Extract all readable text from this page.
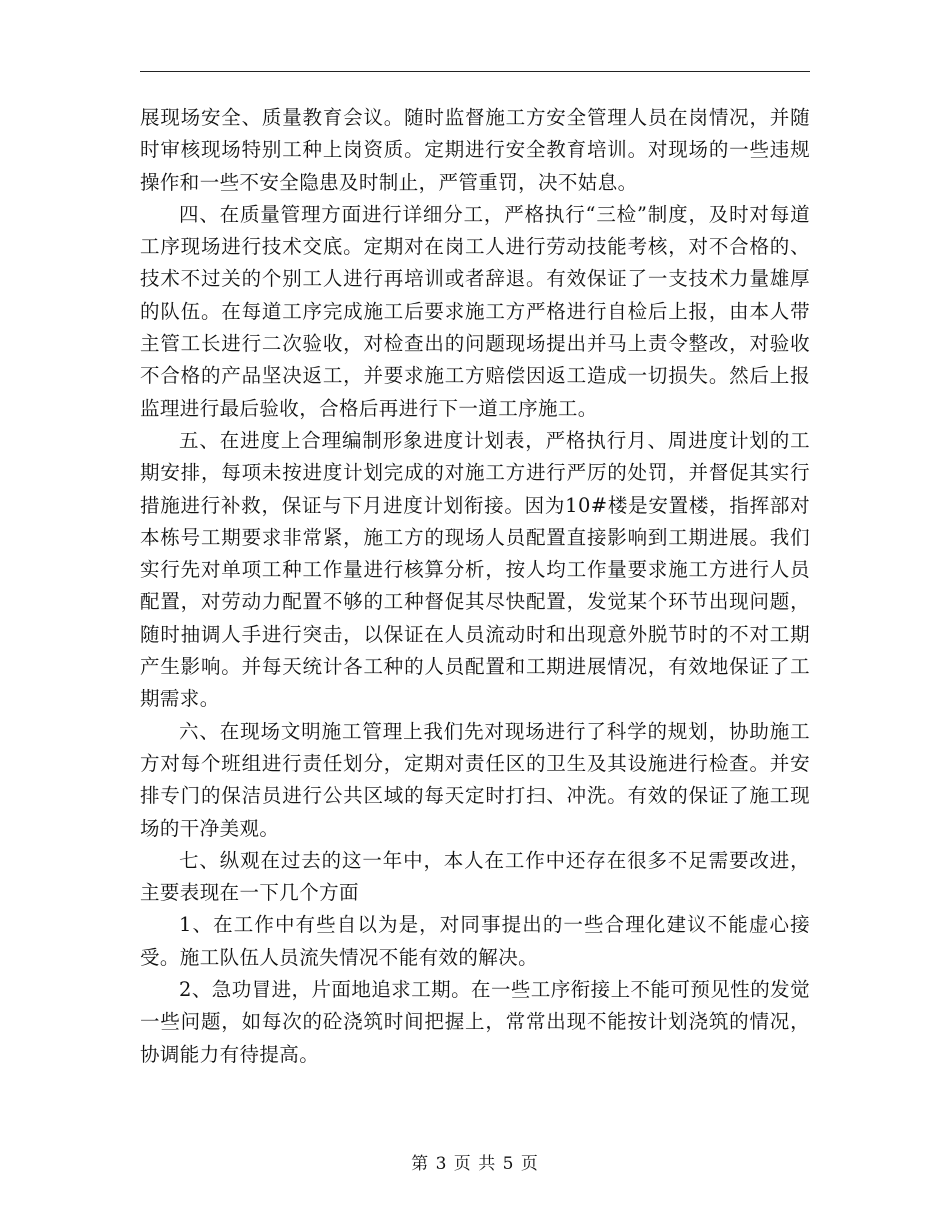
展现场安全、质量教育会议。随时监督施工方安全管理人员在岗情况，并随时审核现场特别工种上岗资质。定期进行安全教育培训。对现场的一些违规操作和一些不安全隐患及时制止，严管重罚，决不姑息。

四、在质量管理方面进行详细分工，严格执行“三检”制度，及时对每道工序现场进行技术交底。定期对在岗工人进行劳动技能考核，对不合格的、技术不过关的个别工人进行再培训或者辞退。有效保证了一支技术力量雄厚的队伍。在每道工序完成施工后要求施工方严格进行自检后上报，由本人带主管工长进行二次验收，对检查出的问题现场提出并马上责令整改，对验收不合格的产品坚决返工，并要求施工方赔偿因返工造成一切损失。然后上报监理进行最后验收，合格后再进行下一道工序施工。

五、在进度上合理编制形象进度计划表，严格执行月、周进度计划的工期安排，每项未按进度计划完成的对施工方进行严厉的处罚，并督促其实行措施进行补救，保证与下月进度计划衔接。因为10#楼是安置楼，指挥部对本栋号工期要求非常紧，施工方的现场人员配置直接影响到工期进展。我们实行先对单项工种工作量进行核算分析，按人均工作量要求施工方进行人员配置，对劳动力配置不够的工种督促其尽快配置，发觉某个环节出现问题，随时抽调人手进行突击，以保证在人员流动时和出现意外脱节时的不对工期产生影响。并每天统计各工种的人员配置和工期进展情况，有效地保证了工期需求。

六、在现场文明施工管理上我们先对现场进行了科学的规划，协助施工方对每个班组进行责任划分，定期对责任区的卫生及其设施进行检查。并安排专门的保洁员进行公共区域的每天定时打扫、冲洗。有效的保证了施工现场的干净美观。

七、纵观在过去的这一年中，本人在工作中还存在很多不足需要改进，主要表现在一下几个方面

1、在工作中有些自以为是，对同事提出的一些合理化建议不能虚心接受。施工队伍人员流失情况不能有效的解决。

2、急功冒进，片面地追求工期。在一些工序衔接上不能可预见性的发觉一些问题，如每次的砼浇筑时间把握上，常常出现不能按计划浇筑的情况，协调能力有待提高。

第 3 页 共 5 页
